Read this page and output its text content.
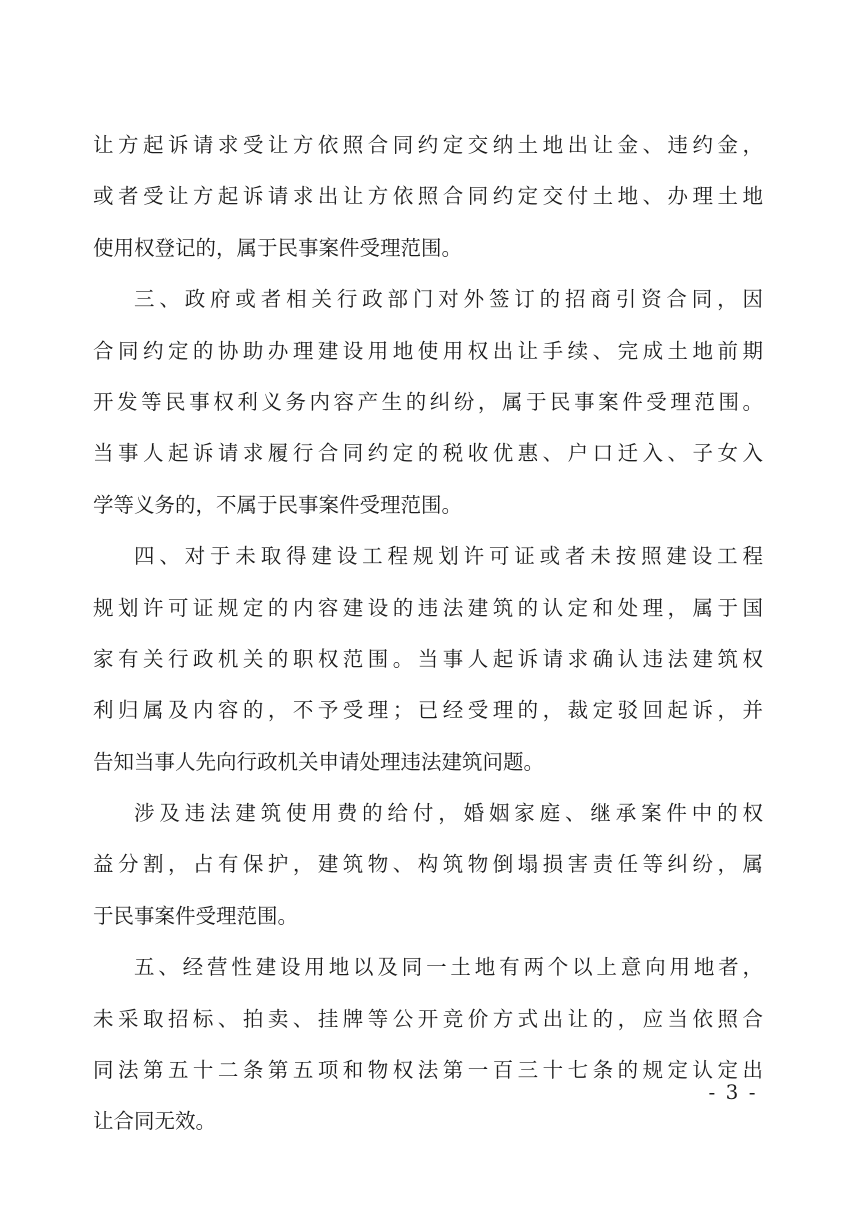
让方起诉请求受让方依照合同约定交纳土地出让金、违约金，
或者受让方起诉请求出让方依照合同约定交付土地、办理土地
使用权登记的，属于民事案件受理范围。
三、政府或者相关行政部门对外签订的招商引资合同，因
合同约定的协助办理建设用地使用权出让手续、完成土地前期
开发等民事权利义务内容产生的纠纷，属于民事案件受理范围。
当事人起诉请求履行合同约定的税收优惠、户口迁入、子女入
学等义务的，不属于民事案件受理范围。
四、对于未取得建设工程规划许可证或者未按照建设工程
规划许可证规定的内容建设的违法建筑的认定和处理，属于国
家有关行政机关的职权范围。当事人起诉请求确认违法建筑权
利归属及内容的，不予受理；已经受理的，裁定驳回起诉，并
告知当事人先向行政机关申请处理违法建筑问题。
涉及违法建筑使用费的给付，婚姻家庭、继承案件中的权
益分割，占有保护，建筑物、构筑物倒塌损害责任等纠纷，属
于民事案件受理范围。
五、经营性建设用地以及同一土地有两个以上意向用地者，
未采取招标、拍卖、挂牌等公开竞价方式出让的，应当依照合
同法第五十二条第五项和物权法第一百三十七条的规定认定出
让合同无效。
- 3 -
